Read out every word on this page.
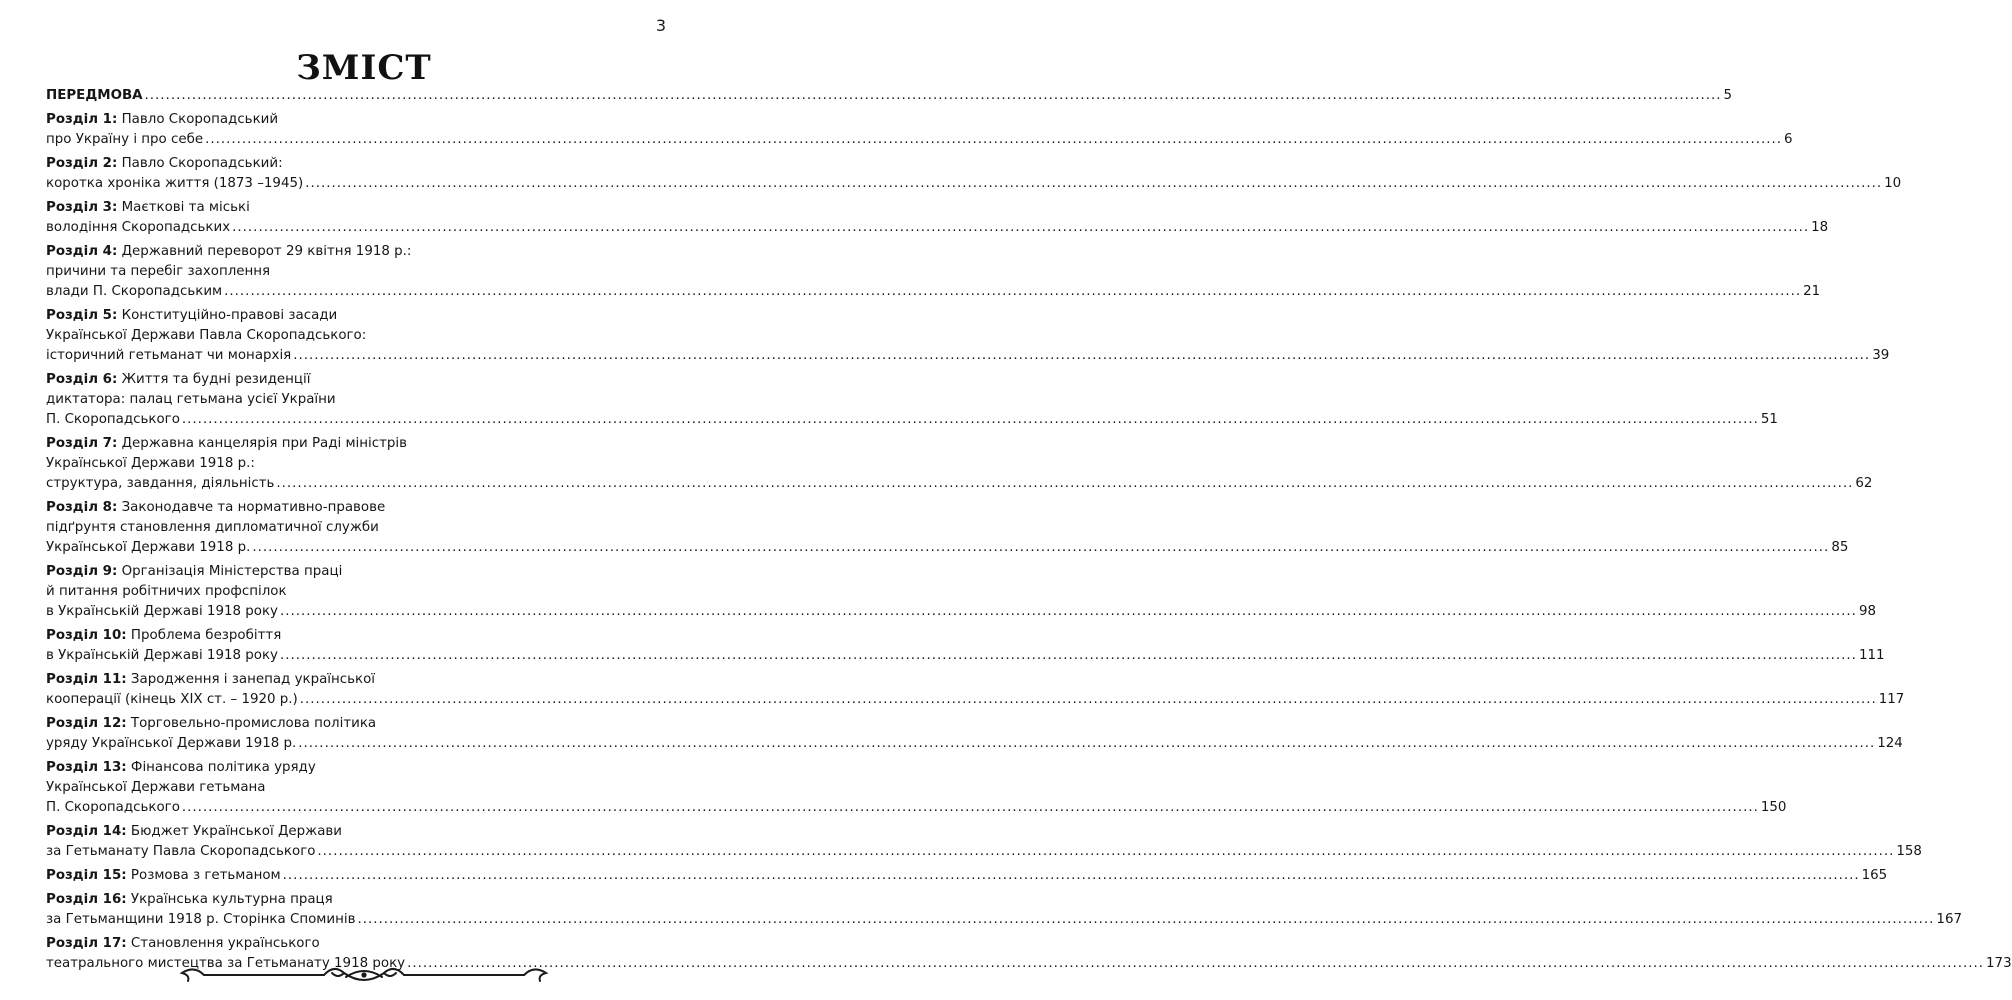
3
ЗМІСТ
ПЕРЕДМОВА ............................................................................................................................................................................................................................................................................................................ 5
Розділ 1: Павло Скоропадський
про Україну і про себе ............................................................................................................................................................................................................................................................................................................ 6
Розділ 2: Павло Скоропадський:
коротка хроніка життя (1873 –1945) ............................................................................................................................................................................................................................................................................................................ 10
Розділ 3: Маєткові та міські
володіння Скоропадських ............................................................................................................................................................................................................................................................................................................ 18
Розділ 4: Державний переворот 29 квітня 1918 р.:
причини та перебіг захоплення
влади П. Скоропадським ............................................................................................................................................................................................................................................................................................................ 21
Розділ 5: Конституційно-правові засади
Української Держави Павла Скоропадського:
історичний гетьманат чи монархія ............................................................................................................................................................................................................................................................................................................ 39
Розділ 6: Життя та будні резиденції
диктатора: палац гетьмана усієї України
П. Скоропадського ............................................................................................................................................................................................................................................................................................................ 51
Розділ 7: Державна канцелярія при Раді міністрів
Української Держави 1918 р.:
структура, завдання, діяльність ............................................................................................................................................................................................................................................................................................................ 62
Розділ 8: Законодавче та нормативно-правове
підґрунтя становлення дипломатичної служби
Української Держави 1918 р. ............................................................................................................................................................................................................................................................................................................ 85
Розділ 9: Організація Міністерства праці
й питання робітничих профспілок
в Українській Державі 1918 року ............................................................................................................................................................................................................................................................................................................ 98
Розділ 10: Проблема безробіття
в Українській Державі 1918 року ............................................................................................................................................................................................................................................................................................................ 111
Розділ 11: Зародження і занепад української
кооперації (кінець ХІХ ст. – 1920 р.) ............................................................................................................................................................................................................................................................................................................ 117
Розділ 12: Торговельно-промислова політика
уряду Української Держави 1918 р. ............................................................................................................................................................................................................................................................................................................ 124
Розділ 13: Фінансова політика уряду
Української Держави гетьмана
П. Скоропадського ............................................................................................................................................................................................................................................................................................................ 150
Розділ 14: Бюджет Української Держави
за Гетьманату Павла Скоропадського ............................................................................................................................................................................................................................................................................................................ 158
Розділ 15: Розмова з гетьманом ............................................................................................................................................................................................................................................................................................................ 165
Розділ 16: Українська культурна праця
за Гетьманщини 1918 р. Сторінка Споминів ............................................................................................................................................................................................................................................................................................................ 167
Розділ 17: Становлення українського
театрального мистецтва за Гетьманату 1918 року ............................................................................................................................................................................................................................................................................................................ 173
